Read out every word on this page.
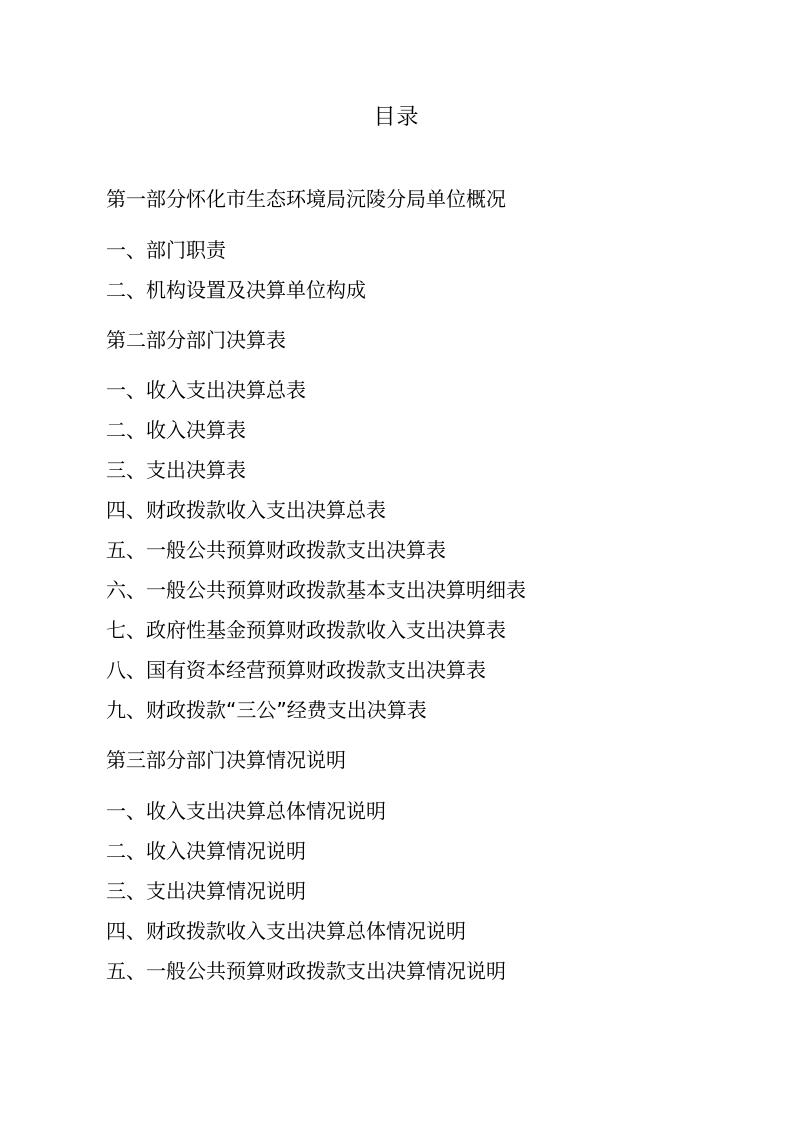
目录
第一部分怀化市生态环境局沅陵分局单位概况
一、部门职责
二、机构设置及决算单位构成
第二部分部门决算表
一、收入支出决算总表
二、收入决算表
三、支出决算表
四、财政拨款收入支出决算总表
五、一般公共预算财政拨款支出决算表
六、一般公共预算财政拨款基本支出决算明细表
七、政府性基金预算财政拨款收入支出决算表
八、国有资本经营预算财政拨款支出决算表
九、财政拨款“三公”经费支出决算表
第三部分部门决算情况说明
一、收入支出决算总体情况说明
二、收入决算情况说明
三、支出决算情况说明
四、财政拨款收入支出决算总体情况说明
五、一般公共预算财政拨款支出决算情况说明
